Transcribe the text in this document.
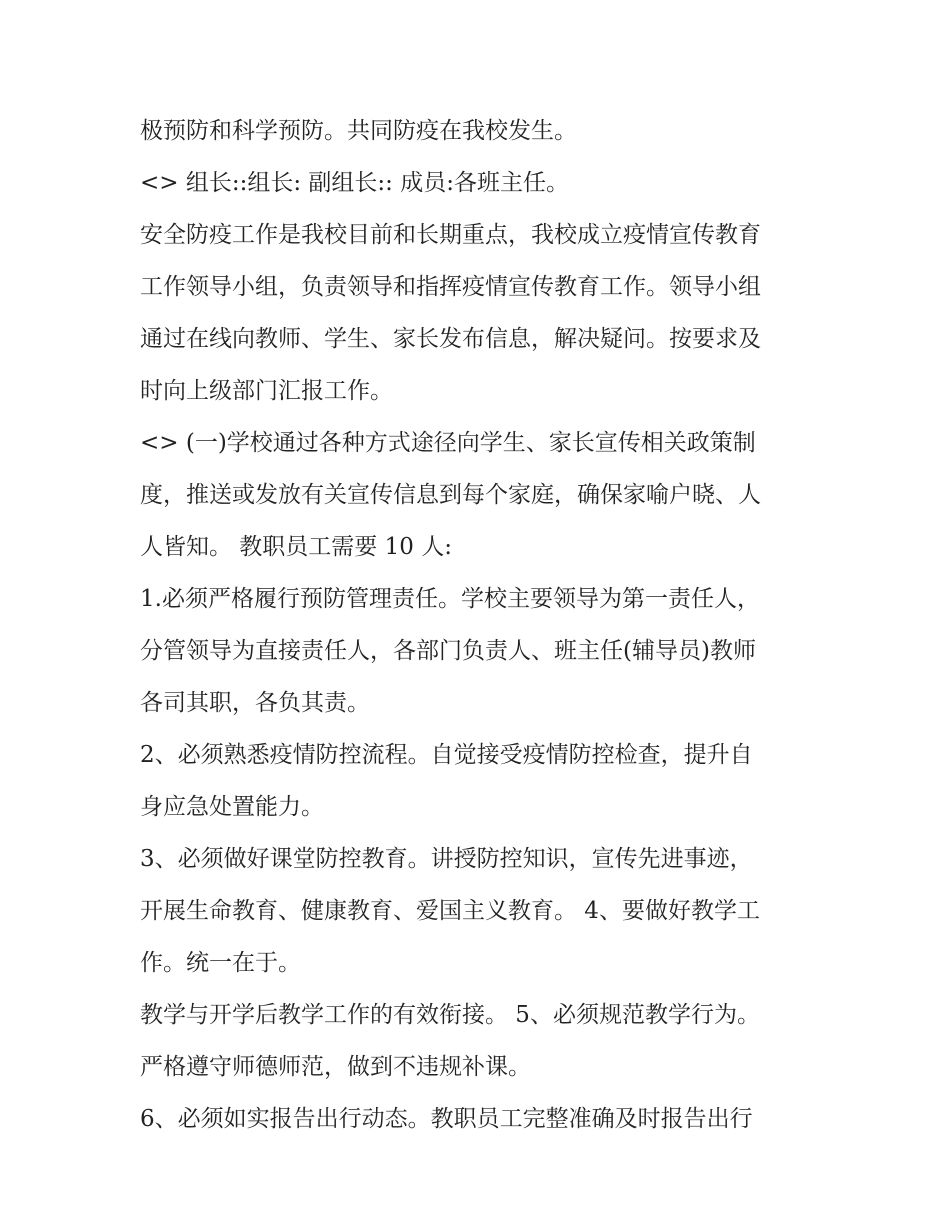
极预防和科学预防。共同防疫在我校发生。

<> 组长::组长: 副组长:: 成员:各班主任。

安全防疫工作是我校目前和长期重点，我校成立疫情宣传教育

工作领导小组，负责领导和指挥疫情宣传教育工作。领导小组

通过在线向教师、学生、家长发布信息，解决疑问。按要求及

时向上级部门汇报工作。

<> (一)学校通过各种方式途径向学生、家长宣传相关政策制

度，推送或发放有关宣传信息到每个家庭，确保家喻户晓、人

人皆知。 教职员工需要 10 人:

1.必须严格履行预防管理责任。学校主要领导为第一责任人，

分管领导为直接责任人，各部门负责人、班主任(辅导员)教师

各司其职，各负其责。

2、必须熟悉疫情防控流程。自觉接受疫情防控检查，提升自

身应急处置能力。

3、必须做好课堂防控教育。讲授防控知识，宣传先进事迹，

开展生命教育、健康教育、爱国主义教育。 4、要做好教学工

作。统一在于。

教学与开学后教学工作的有效衔接。 5、必须规范教学行为。

严格遵守师德师范，做到不违规补课。

6、必须如实报告出行动态。教职员工完整准确及时报告出行
